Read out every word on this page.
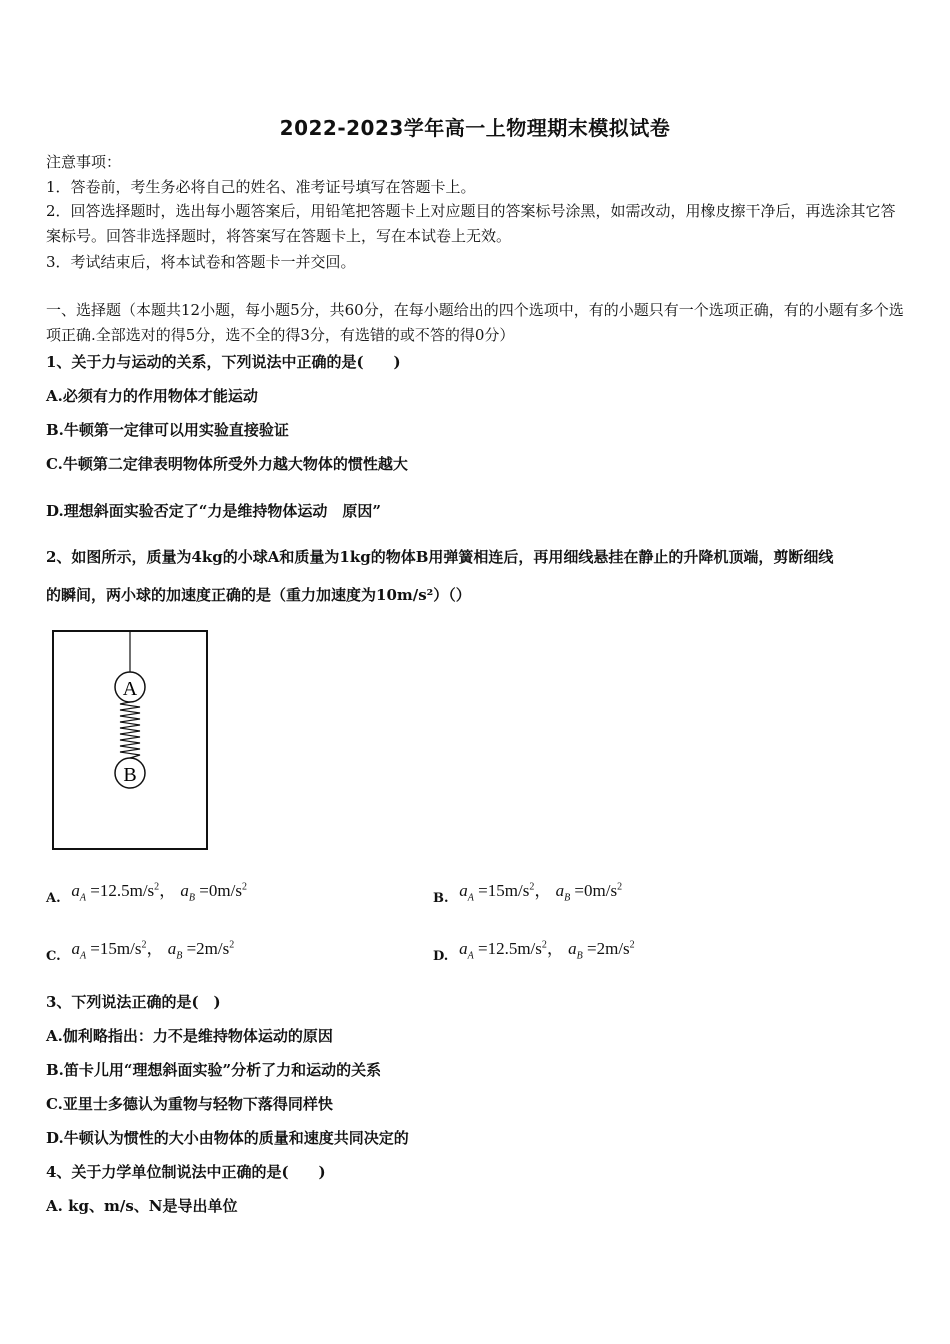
2022-2023学年高一上物理期末模拟试卷
注意事项：
1．答卷前，考生务必将自己的姓名、准考证号填写在答题卡上。
2．回答选择题时，选出每小题答案后，用铅笔把答题卡上对应题目的答案标号涂黑，如需改动，用橡皮擦干净后，再选涂其它答案标号。回答非选择题时，将答案写在答题卡上，写在本试卷上无效。
3．考试结束后，将本试卷和答题卡一并交回。
一、选择题（本题共12小题，每小题5分，共60分，在每小题给出的四个选项中，有的小题只有一个选项正确，有的小题有多个选项正确.全部选对的得5分，选不全的得3分，有选错的或不答的得0分）
1、关于力与运动的关系，下列说法中正确的是(　　)
A.必须有力的作用物体才能运动
B.牛顿第一定律可以用实验直接验证
C.牛顿第二定律表明物体所受外力越大物体的惯性越大
D.理想斜面实验否定了“力是维持物体运动　原因”
2、如图所示，质量为4kg的小球A和质量为1kg的物体B用弹簧相连后，再用细线悬挂在静止的升降机顶端，剪断细线
的瞬间，两小球的加速度正确的是（重力加速度为10m/s²）（）
A
B
A. $a_A =12.5m/s^2$， $a_B =0m/s^2$
B. $a_A =15m/s^2$， $a_B =0m/s^2$
C. $a_A =15m/s^2$， $a_B =2m/s^2$
D. $a_A =12.5m/s^2$， $a_B =2m/s^2$
3、下列说法正确的是(　)
A.伽利略指出：力不是维持物体运动的原因
B.笛卡儿用“理想斜面实验”分析了力和运动的关系
C.亚里士多德认为重物与轻物下落得同样快
D.牛顿认为惯性的大小由物体的质量和速度共同决定的
4、关于力学单位制说法中正确的是(　　)
A. kg、m/s、N是导出单位
